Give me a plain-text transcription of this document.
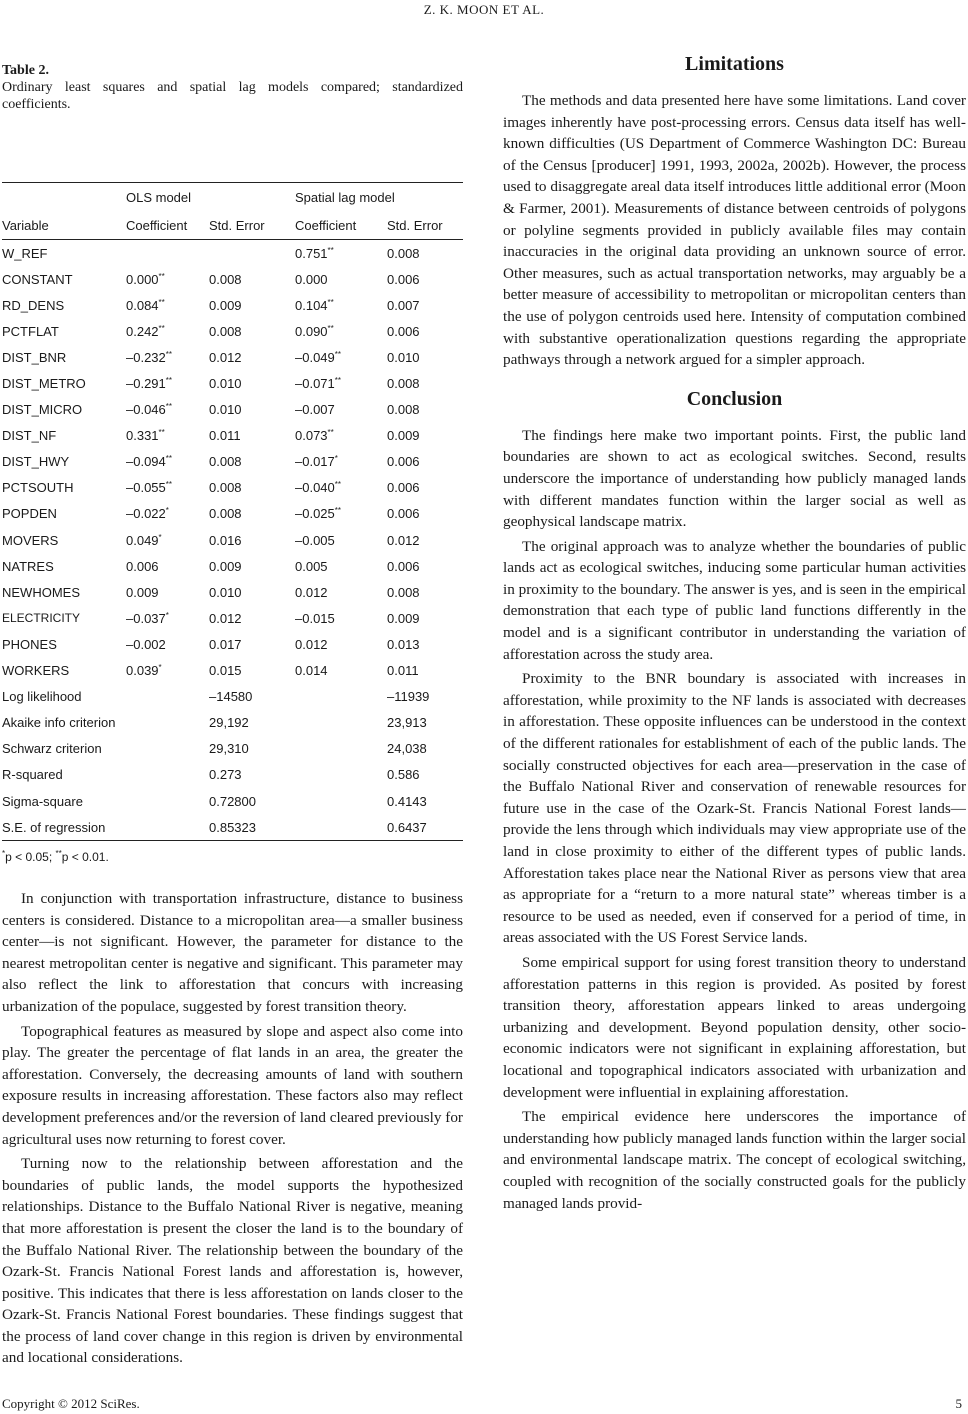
Z. K. MOON ET AL.
Table 2.
Ordinary least squares and spatial lag models compared; standardized coefficients.
	OLS model		Spatial lag model	
Variable	Coefficient	Std. Error	Coefficient	Std. Error
W_REF			0.751**	0.008
CONSTANT	0.000**	0.008	0.000	0.006
RD_DENS	0.084**	0.009	0.104**	0.007
PCTFLAT	0.242**	0.008	0.090**	0.006
DIST_BNR	–0.232**	0.012	–0.049**	0.010
DIST_METRO	–0.291**	0.010	–0.071**	0.008
DIST_MICRO	–0.046**	0.010	–0.007	0.008
DIST_NF	0.331**	0.011	0.073**	0.009
DIST_HWY	–0.094**	0.008	–0.017*	0.006
PCTSOUTH	–0.055**	0.008	–0.040**	0.006
POPDEN	–0.022*	0.008	–0.025**	0.006
MOVERS	0.049*	0.016	–0.005	0.012
NATRES	0.006	0.009	0.005	0.006
NEWHOMES	0.009	0.010	0.012	0.008
ELECTRICITY	–0.037*	0.012	–0.015	0.009
PHONES	–0.002	0.017	0.012	0.013
WORKERS	0.039*	0.015	0.014	0.011
Log likelihood		–14580		–11939
Akaike info criterion		29,192		23,913
Schwarz criterion		29,310		24,038
R-squared		0.273		0.586
Sigma-square		0.72800		0.4143
S.E. of regression		0.85323		0.6437
*p < 0.05; **p < 0.01.

In conjunction with transportation infrastructure, distance to business centers is considered. Distance to a micropolitan area—a smaller business center—is not significant. However, the parameter for distance to the nearest metropolitan center is negative and significant. This parameter may also reflect the link to afforestation that concurs with increasing urbanization of the populace, suggested by forest transition theory.

Topographical features as measured by slope and aspect also come into play. The greater the percentage of flat lands in an area, the greater the afforestation. Conversely, the decreasing amounts of land with southern exposure results in increasing afforestation. These factors also may reflect development preferences and/or the reversion of land cleared previously for agricultural uses now returning to forest cover.

Turning now to the relationship between afforestation and the boundaries of public lands, the model supports the hypothesized relationships. Distance to the Buffalo National River is negative, meaning that more afforestation is present the closer the land is to the boundary of the Buffalo National River. The relationship between the boundary of the Ozark-St. Francis National Forest lands and afforestation is, however, positive. This indicates that there is less afforestation on lands closer to the Ozark-St. Francis National Forest boundaries. These findings suggest that the process of land cover change in this region is driven by environmental and locational considerations.

Limitations

The methods and data presented here have some limitations. Land cover images inherently have post-processing errors. Census data itself has well-known difficulties (US Department of Commerce Washington DC: Bureau of the Census [producer] 1991, 1993, 2002a, 2002b). However, the process used to disaggregate areal data itself introduces little additional error (Moon & Farmer, 2001). Measurements of distance between centroids of polygons or polyline segments provided in publicly available files may contain inaccuracies in the original data providing an unknown source of error. Other measures, such as actual transportation networks, may arguably be a better measure of accessibility to metropolitan or micropolitan centers than the use of polygon centroids used here. Intensity of computation combined with substantive operationalization questions regarding the appropriate pathways through a network argued for a simpler approach.

Conclusion

The findings here make two important points. First, the public land boundaries are shown to act as ecological switches. Second, results underscore the importance of understanding how publicly managed lands with different mandates function within the larger social as well as geophysical landscape matrix.

The original approach was to analyze whether the boundaries of public lands act as ecological switches, inducing some particular human activities in proximity to the boundary. The answer is yes, and is seen in the empirical demonstration that each type of public land functions differently in the model and is a significant contributor in understanding the variation of afforestation across the study area.

Proximity to the BNR boundary is associated with increases in afforestation, while proximity to the NF lands is associated with decreases in afforestation. These opposite influences can be understood in the context of the different rationales for establishment of each of the public lands. The socially constructed objectives for each area—preservation in the case of the Buffalo National River and conservation of renewable resources for future use in the case of the Ozark-St. Francis National Forest lands—provide the lens through which individuals may view appropriate use of the land in close proximity to either of the different types of public lands. Afforestation takes place near the National River as persons view that area as appropriate for a “return to a more natural state” whereas timber is a resource to be used as needed, even if conserved for a period of time, in areas associated with the US Forest Service lands.

Some empirical support for using forest transition theory to understand afforestation patterns in this region is provided. As posited by forest transition theory, afforestation appears linked to areas undergoing urbanizing and development. Beyond population density, other socio-economic indicators were not significant in explaining afforestation, but locational and topographical indicators associated with urbanization and development were influential in explaining afforestation.

The empirical evidence here underscores the importance of understanding how publicly managed lands function within the larger social and environmental landscape matrix. The concept of ecological switching, coupled with recognition of the socially constructed goals for the publicly managed lands provid-

Copyright © 2012 SciRes.	5
